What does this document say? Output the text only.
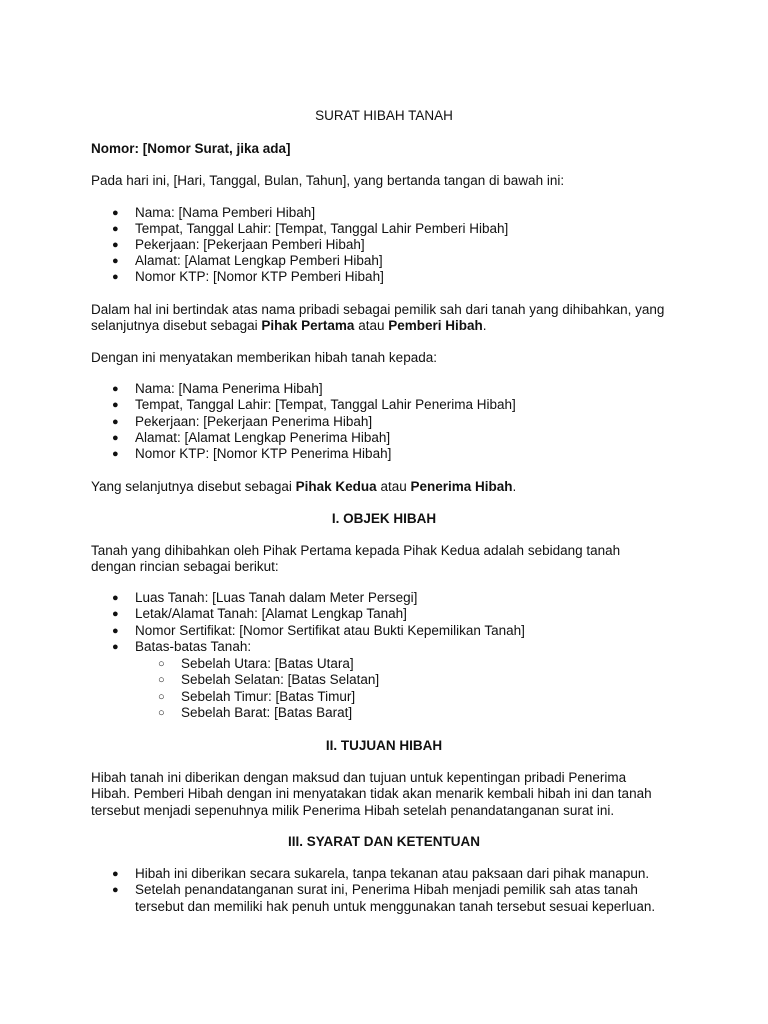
SURAT HIBAH TANAH

Nomor: [Nomor Surat, jika ada]

Pada hari ini, [Hari, Tanggal, Bulan, Tahun], yang bertanda tangan di bawah ini:

● Nama: [Nama Pemberi Hibah]
● Tempat, Tanggal Lahir: [Tempat, Tanggal Lahir Pemberi Hibah]
● Pekerjaan: [Pekerjaan Pemberi Hibah]
● Alamat: [Alamat Lengkap Pemberi Hibah]
● Nomor KTP: [Nomor KTP Pemberi Hibah]

Dalam hal ini bertindak atas nama pribadi sebagai pemilik sah dari tanah yang dihibahkan, yang

selanjutnya disebut sebagai Pihak Pertama atau Pemberi Hibah.

Dengan ini menyatakan memberikan hibah tanah kepada:

● Nama: [Nama Penerima Hibah]
● Tempat, Tanggal Lahir: [Tempat, Tanggal Lahir Penerima Hibah]
● Pekerjaan: [Pekerjaan Penerima Hibah]
● Alamat: [Alamat Lengkap Penerima Hibah]
● Nomor KTP: [Nomor KTP Penerima Hibah]

Yang selanjutnya disebut sebagai Pihak Kedua atau Penerima Hibah.

I. OBJEK HIBAH

Tanah yang dihibahkan oleh Pihak Pertama kepada Pihak Kedua adalah sebidang tanah

dengan rincian sebagai berikut:

● Luas Tanah: [Luas Tanah dalam Meter Persegi]
● Letak/Alamat Tanah: [Alamat Lengkap Tanah]
● Nomor Sertifikat: [Nomor Sertifikat atau Bukti Kepemilikan Tanah]
● Batas-batas Tanah:
○ Sebelah Utara: [Batas Utara]
○ Sebelah Selatan: [Batas Selatan]
○ Sebelah Timur: [Batas Timur]
○ Sebelah Barat: [Batas Barat]

II. TUJUAN HIBAH

Hibah tanah ini diberikan dengan maksud dan tujuan untuk kepentingan pribadi Penerima

Hibah. Pemberi Hibah dengan ini menyatakan tidak akan menarik kembali hibah ini dan tanah

tersebut menjadi sepenuhnya milik Penerima Hibah setelah penandatanganan surat ini.

III. SYARAT DAN KETENTUAN

● Hibah ini diberikan secara sukarela, tanpa tekanan atau paksaan dari pihak manapun.
● Setelah penandatanganan surat ini, Penerima Hibah menjadi pemilik sah atas tanah
tersebut dan memiliki hak penuh untuk menggunakan tanah tersebut sesuai keperluan.
